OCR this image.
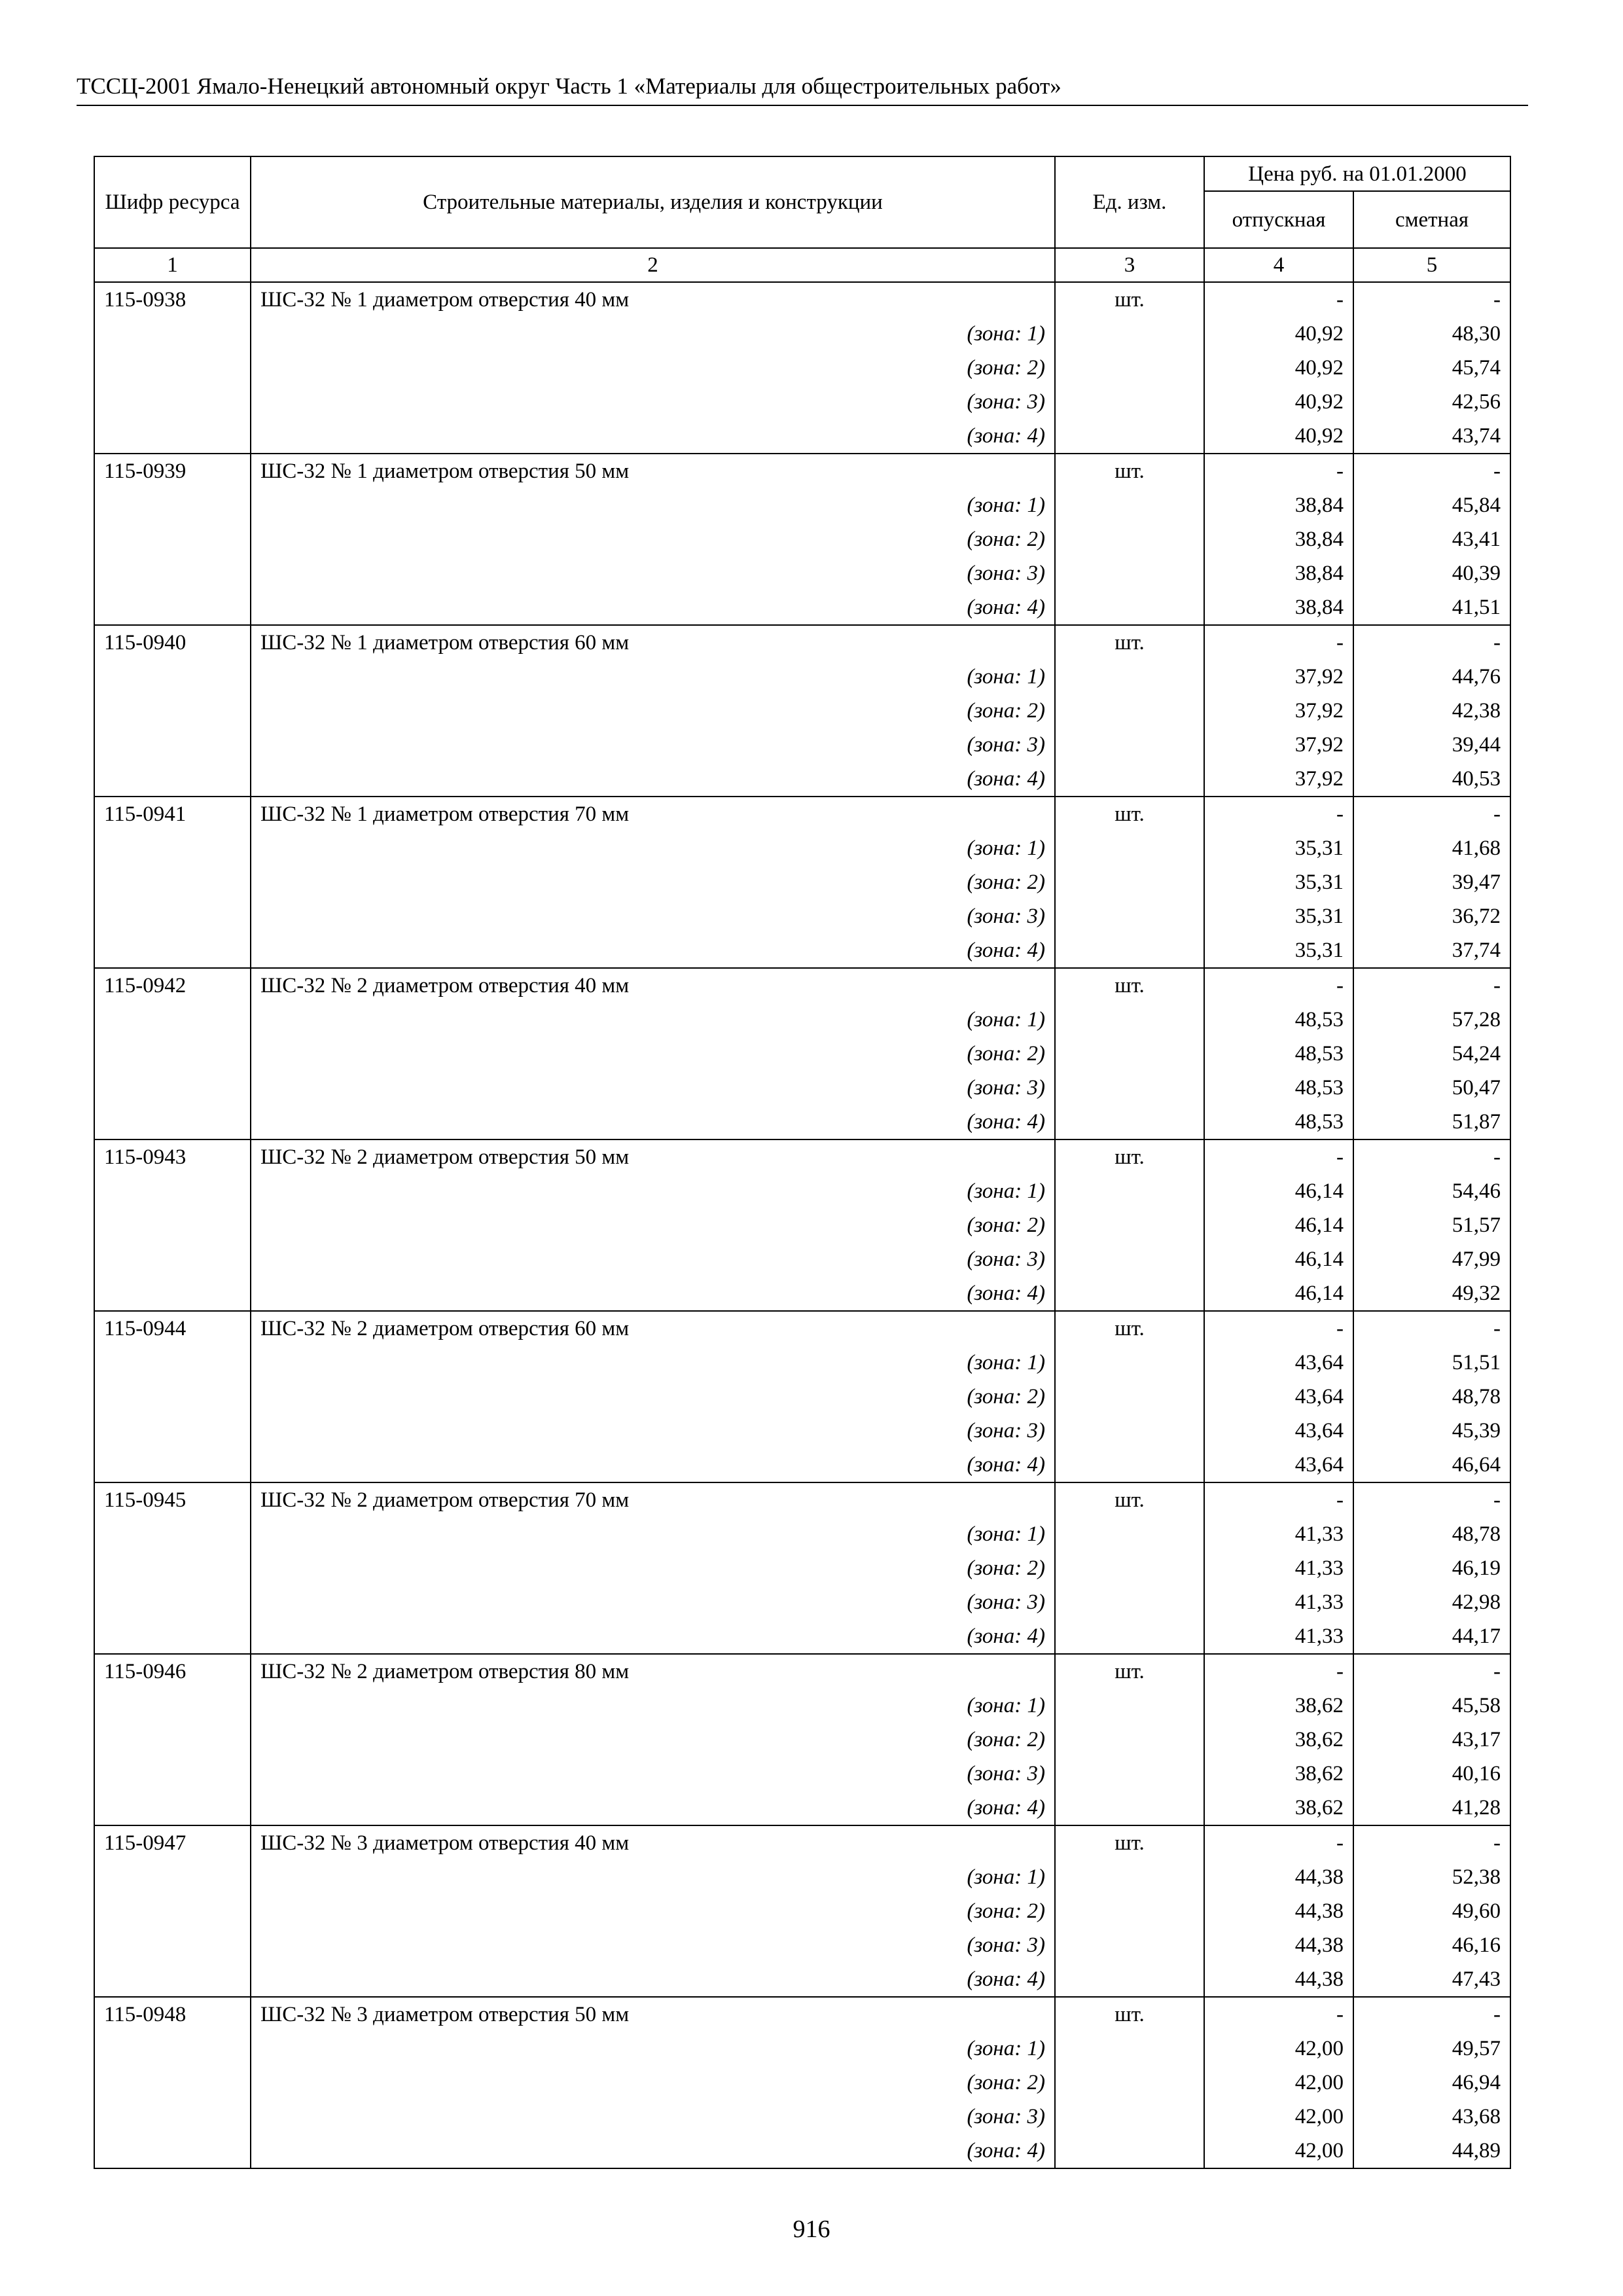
ТССЦ-2001 Ямало-Ненецкий автономный округ Часть 1 «Материалы для общестроительных работ»
Шифр ресурса	Строительные материалы, изделия и конструкции	Ед. изм.	Цена руб. на 01.01.2000	
			отпускная	сметная
1	2	3	4	5
115-0938	ШС-32 № 1 диаметром отверстия 40 мм	шт.	-	-
	(зона: 1)		40,92	48,30
	(зона: 2)		40,92	45,74
	(зона: 3)		40,92	42,56
	(зона: 4)		40,92	43,74
115-0939	ШС-32 № 1 диаметром отверстия 50 мм	шт.	-	-
	(зона: 1)		38,84	45,84
	(зона: 2)		38,84	43,41
	(зона: 3)		38,84	40,39
	(зона: 4)		38,84	41,51
115-0940	ШС-32 № 1 диаметром отверстия 60 мм	шт.	-	-
	(зона: 1)		37,92	44,76
	(зона: 2)		37,92	42,38
	(зона: 3)		37,92	39,44
	(зона: 4)		37,92	40,53
115-0941	ШС-32 № 1 диаметром отверстия 70 мм	шт.	-	-
	(зона: 1)		35,31	41,68
	(зона: 2)		35,31	39,47
	(зона: 3)		35,31	36,72
	(зона: 4)		35,31	37,74
115-0942	ШС-32 № 2 диаметром отверстия 40 мм	шт.	-	-
	(зона: 1)		48,53	57,28
	(зона: 2)		48,53	54,24
	(зона: 3)		48,53	50,47
	(зона: 4)		48,53	51,87
115-0943	ШС-32 № 2 диаметром отверстия 50 мм	шт.	-	-
	(зона: 1)		46,14	54,46
	(зона: 2)		46,14	51,57
	(зона: 3)		46,14	47,99
	(зона: 4)		46,14	49,32
115-0944	ШС-32 № 2 диаметром отверстия 60 мм	шт.	-	-
	(зона: 1)		43,64	51,51
	(зона: 2)		43,64	48,78
	(зона: 3)		43,64	45,39
	(зона: 4)		43,64	46,64
115-0945	ШС-32 № 2 диаметром отверстия 70 мм	шт.	-	-
	(зона: 1)		41,33	48,78
	(зона: 2)		41,33	46,19
	(зона: 3)		41,33	42,98
	(зона: 4)		41,33	44,17
115-0946	ШС-32 № 2 диаметром отверстия 80 мм	шт.	-	-
	(зона: 1)		38,62	45,58
	(зона: 2)		38,62	43,17
	(зона: 3)		38,62	40,16
	(зона: 4)		38,62	41,28
115-0947	ШС-32 № 3 диаметром отверстия 40 мм	шт.	-	-
	(зона: 1)		44,38	52,38
	(зона: 2)		44,38	49,60
	(зона: 3)		44,38	46,16
	(зона: 4)		44,38	47,43
115-0948	ШС-32 № 3 диаметром отверстия 50 мм	шт.	-	-
	(зона: 1)		42,00	49,57
	(зона: 2)		42,00	46,94
	(зона: 3)		42,00	43,68
	(зона: 4)		42,00	44,89
916
